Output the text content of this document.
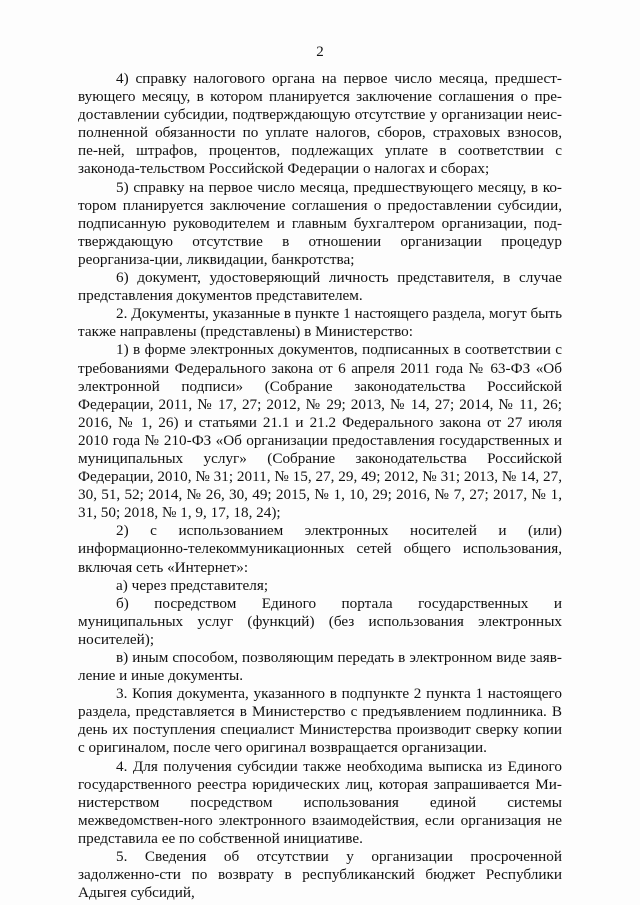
2

4) справку налогового органа на первое число месяца, предшест-вующего месяцу, в котором планируется заключение соглашения о пре-доставлении субсидии, подтверждающую отсутствие у организации неис-полненной обязанности по уплате налогов, сборов, страховых взносов, пе-ней, штрафов, процентов, подлежащих уплате в соответствии с законода-тельством Российской Федерации о налогах и сборах;

5) справку на первое число месяца, предшествующего месяцу, в ко-тором планируется заключение соглашения о предоставлении субсидии, подписанную руководителем и главным бухгалтером организации, под-тверждающую отсутствие в отношении организации процедур реорганиза-ции, ликвидации, банкротства;

6) документ, удостоверяющий личность представителя, в случае представления документов представителем.

2. Документы, указанные в пункте 1 настоящего раздела, могут быть также направлены (представлены) в Министерство:

1) в форме электронных документов, подписанных в соответствии с требованиями Федерального закона от 6 апреля 2011 года № 63-ФЗ «Об электронной подписи» (Собрание законодательства Российской Федерации, 2011, № 17, 27; 2012, № 29; 2013, № 14, 27; 2014, № 11, 26; 2016, № 1, 26) и статьями 21.1 и 21.2 Федерального закона от 27 июля 2010 года № 210-ФЗ «Об организации предоставления государственных и муниципальных услуг» (Собрание законодательства Российской Федерации, 2010, № 31; 2011, № 15, 27, 29, 49; 2012, № 31; 2013, № 14, 27, 30, 51, 52; 2014, № 26, 30, 49; 2015, № 1, 10, 29; 2016, № 7, 27; 2017, № 1, 31, 50; 2018, № 1, 9, 17, 18, 24);

2) с использованием электронных носителей и (или) информационно-телекоммуникационных сетей общего использования, включая сеть «Интернет»:

а) через представителя;

б) посредством Единого портала государственных и муниципальных услуг (функций) (без использования электронных носителей);

в) иным способом, позволяющим передать в электронном виде заяв-ление и иные документы.

3. Копия документа, указанного в подпункте 2 пункта 1 настоящего раздела, представляется в Министерство с предъявлением подлинника. В день их поступления специалист Министерства производит сверку копии с оригиналом, после чего оригинал возвращается организации.

4. Для получения субсидии также необходима выписка из Единого государственного реестра юридических лиц, которая запрашивается Ми-нистерством посредством использования единой системы межведомствен-ного электронного взаимодействия, если организация не представила ее по собственной инициативе.

5. Сведения об отсутствии у организации просроченной задолженно-сти по возврату в республиканский бюджет Республики Адыгея субсидий,
